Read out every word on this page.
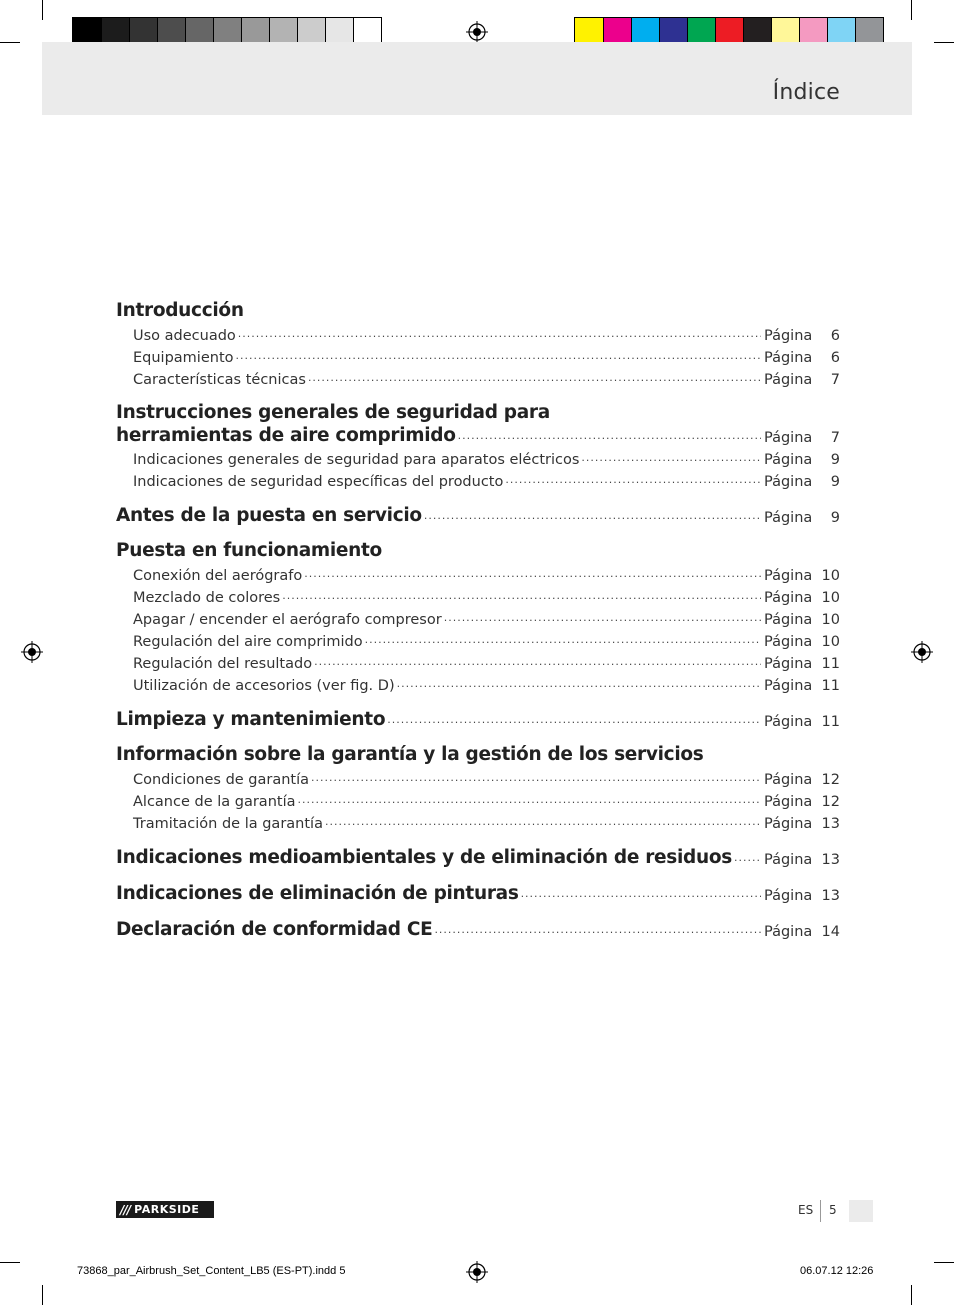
Índice
Introducción
Uso adecuado .....	Página	6
Equipamiento .....	Página	6
Características técnicas .....	Página	7
Instrucciones generales de seguridad para
herramientas de aire comprimido .....	Página	7
Indicaciones generales de seguridad para aparatos eléctricos .....	Página	9
Indicaciones de seguridad específicas del producto .....	Página	9
Antes de la puesta en servicio .....	Página	9
Puesta en funcionamiento
Conexión del aerógrafo .....	Página 10
Mezclado de colores .....	Página 10
Apagar / encender el aerógrafo compresor .....	Página 10
Regulación del aire comprimido .....	Página 10
Regulación del resultado .....	Página 11
Utilización de accesorios (ver fig. D) .....	Página 11
Limpieza y mantenimiento .....	Página 11
Información sobre la garantía y la gestión de los servicios
Condiciones de garantía .....	Página 12
Alcance de la garantía .....	Página 12
Tramitación de la garantía .....	Página 13
Indicaciones medioambientales y de eliminación de residuos ..... Página 13
Indicaciones de eliminación de pinturas .....	Página 13
Declaración de conformidad CE .....	Página 14
/// PARKSIDE	ES 5
73868_par_Airbrush_Set_Content_LB5 (ES-PT).indd 5	06.07.12 12:26
